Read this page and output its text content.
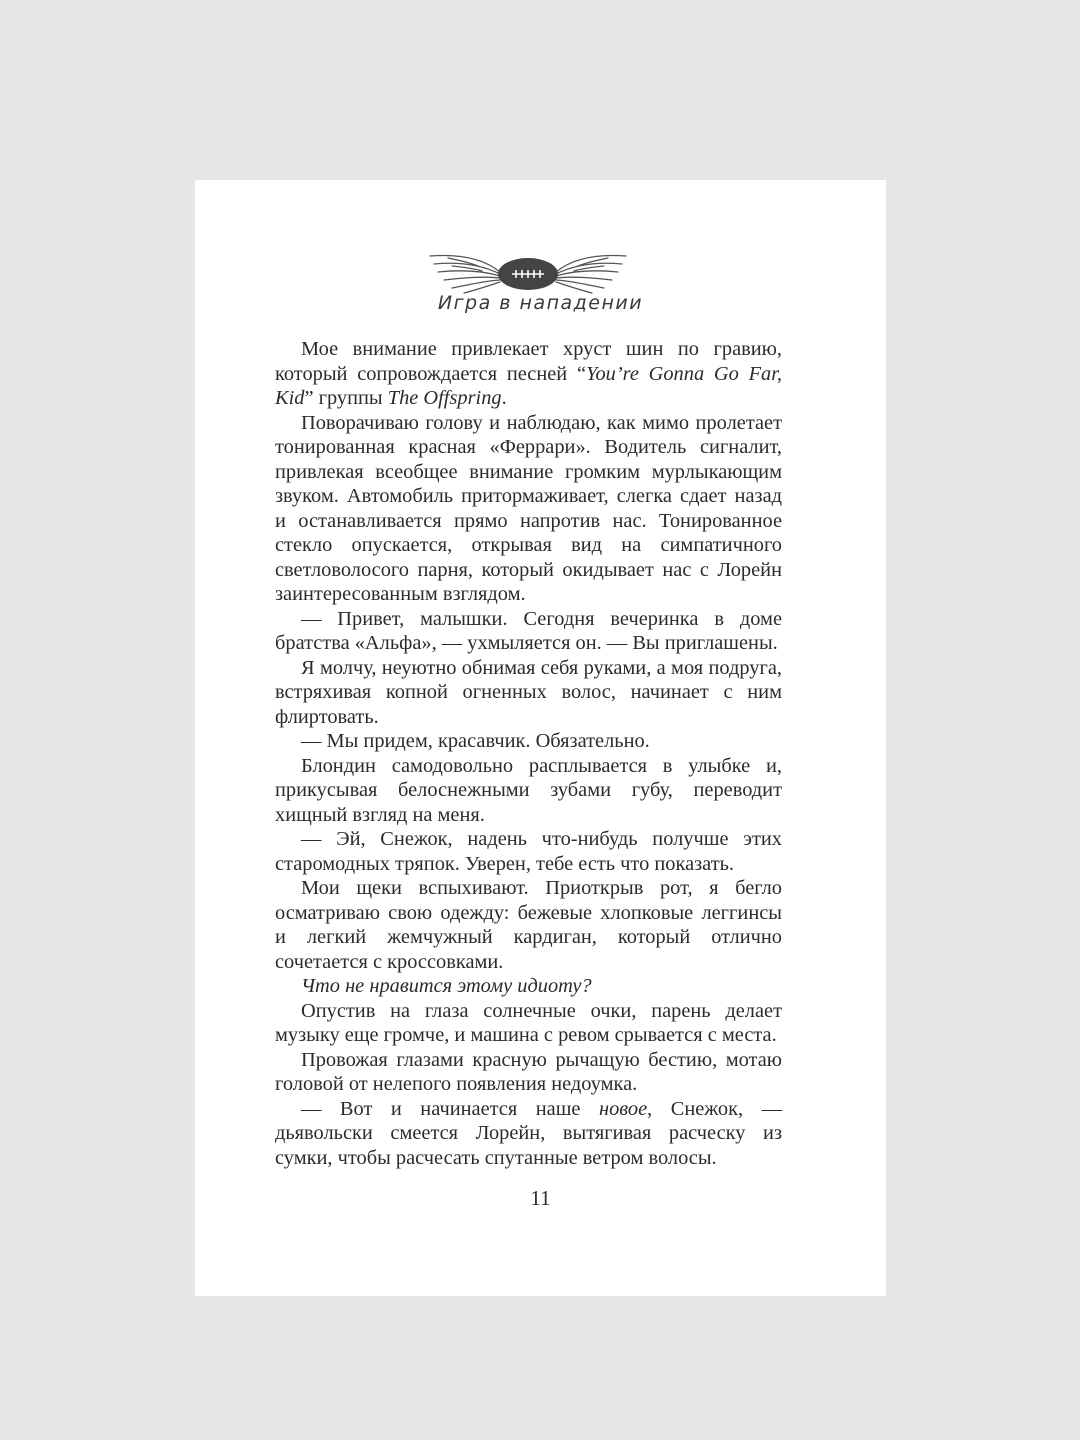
Игра в нападении

Мое внимание привлекает хруст шин по гравию, который сопровождается песней “You’re Gonna Go Far, Kid” группы The Offspring.

Поворачиваю голову и наблюдаю, как мимо пролетает тонированная красная «Феррари». Водитель сигналит, привлекая всеобщее внимание громким мурлыкающим звуком. Автомобиль притормаживает, слегка сдает назад и останавливается прямо напротив нас. Тонированное стекло опускается, открывая вид на симпатичного светловолосого парня, который окидывает нас с Лорейн заинтересованным взглядом.

— Привет, малышки. Сегодня вечеринка в доме братства «Альфа», — ухмыляется он. — Вы приглашены.

Я молчу, неуютно обнимая себя руками, а моя подруга, встряхивая копной огненных волос, начинает с ним флиртовать.

— Мы придем, красавчик. Обязательно.

Блондин самодовольно расплывается в улыбке и, прикусывая белоснежными зубами губу, переводит хищный взгляд на меня.

— Эй, Снежок, надень что-нибудь получше этих старомодных тряпок. Уверен, тебе есть что показать.

Мои щеки вспыхивают. Приоткрыв рот, я бегло осматриваю свою одежду: бежевые хлопковые леггинсы и легкий жемчужный кардиган, который отлично сочетается с кроссовками.

Что не нравится этому идиоту?

Опустив на глаза солнечные очки, парень делает музыку еще громче, и машина с ревом срывается с места.

Провожая глазами красную рычащую бестию, мотаю головой от нелепого появления недоумка.

— Вот и начинается наше новое, Снежок, — дьявольски смеется Лорейн, вытягивая расческу из сумки, чтобы расчесать спутанные ветром волосы.

11
